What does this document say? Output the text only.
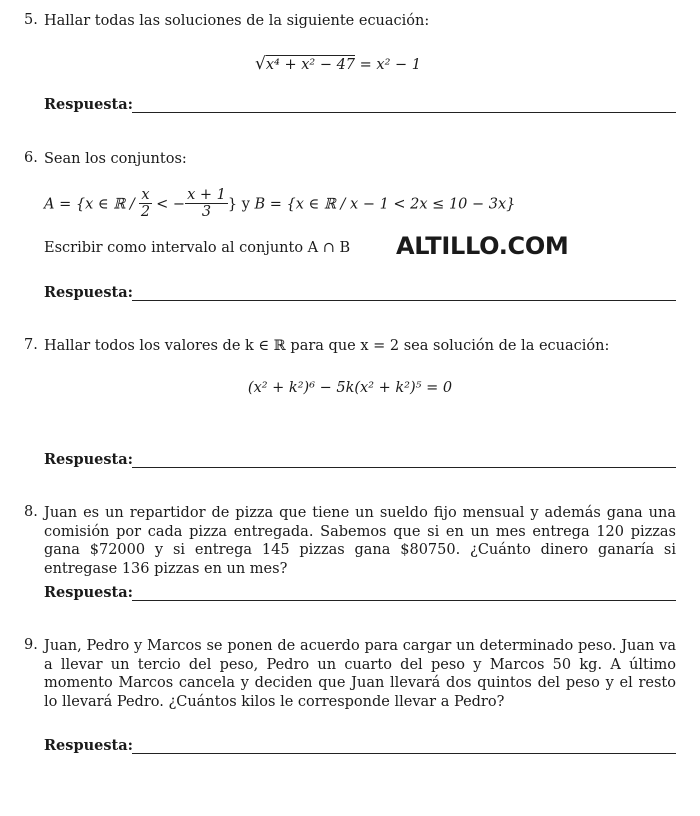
5. Hallar todas las soluciones de la siguiente ecuación:
√x⁴ + x² − 47 = x² − 1
Respuesta:
6. Sean los conjuntos:
A = {x ∈ ℝ / $\frac{x}{2}$ < − $\frac{x + 1}{3}$ } y B = {x ∈ ℝ / x − 1 < 2x ≤ 10 − 3x}
Escribir como intervalo al conjunto A ∩ B ALTILLO.COM
Respuesta:
7. Hallar todos los valores de k ∈ ℝ para que x = 2 sea solución de la ecuación:
(x² + k²)⁶ − 5k(x² + k²)⁵ = 0
Respuesta:
8. Juan es un repartidor de pizza que tiene un sueldo fijo mensual y además gana una comisión por cada pizza entregada. Sabemos que si en un mes entrega 120 pizzas gana $72000 y si entrega 145 pizzas gana $80750. ¿Cuánto dinero ganaría si entregase 136 pizzas en un mes?
Respuesta:
9. Juan, Pedro y Marcos se ponen de acuerdo para cargar un determinado peso. Juan va a llevar un tercio del peso, Pedro un cuarto del peso y Marcos 50 kg. A último momento Marcos cancela y deciden que Juan llevará dos quintos del peso y el resto lo llevará Pedro. ¿Cuántos kilos le corresponde llevar a Pedro?
Respuesta:
